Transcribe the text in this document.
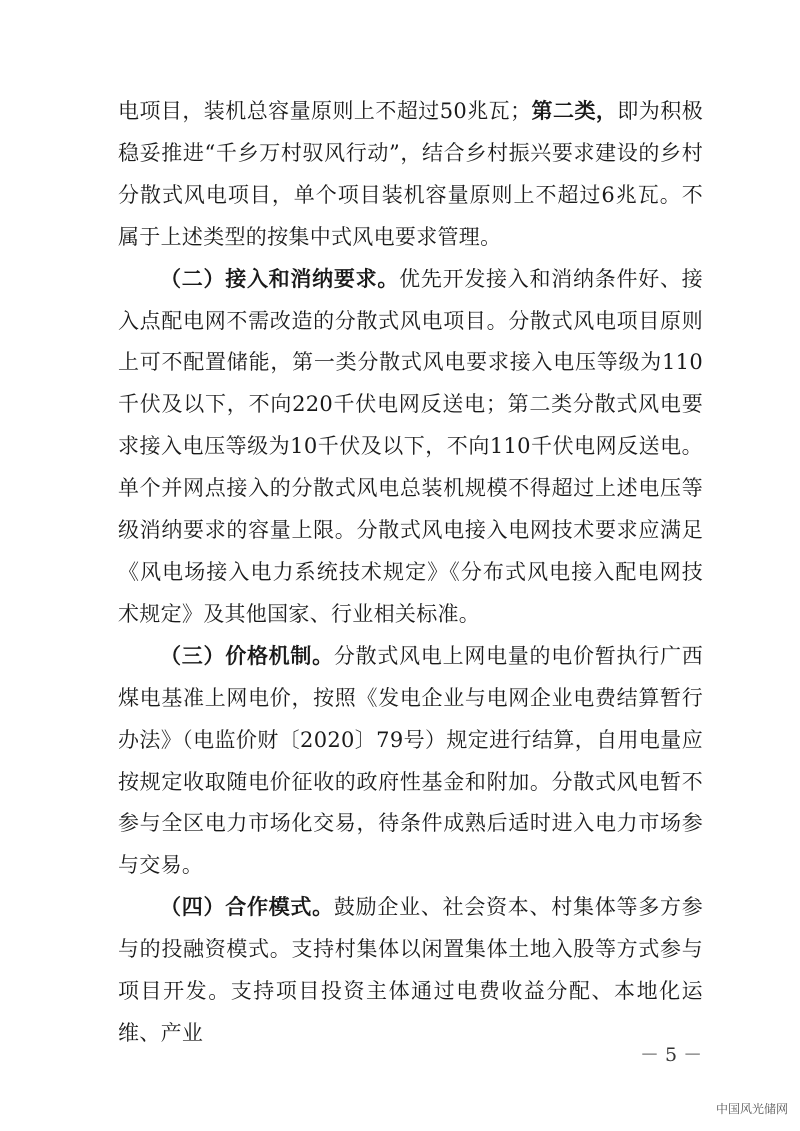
电项目，装机总容量原则上不超过50兆瓦；第二类，即为积极稳妥推进“千乡万村驭风行动”，结合乡村振兴要求建设的乡村分散式风电项目，单个项目装机容量原则上不超过6兆瓦。不属于上述类型的按集中式风电要求管理。

（二）接入和消纳要求。优先开发接入和消纳条件好、接入点配电网不需改造的分散式风电项目。分散式风电项目原则上可不配置储能，第一类分散式风电要求接入电压等级为110千伏及以下，不向220千伏电网反送电；第二类分散式风电要求接入电压等级为10千伏及以下，不向110千伏电网反送电。单个并网点接入的分散式风电总装机规模不得超过上述电压等级消纳要求的容量上限。分散式风电接入电网技术要求应满足《风电场接入电力系统技术规定》《分布式风电接入配电网技术规定》及其他国家、行业相关标准。

（三）价格机制。分散式风电上网电量的电价暂执行广西煤电基准上网电价，按照《发电企业与电网企业电费结算暂行办法》（电监价财〔2020〕79号）规定进行结算，自用电量应按规定收取随电价征收的政府性基金和附加。分散式风电暂不参与全区电力市场化交易，待条件成熟后适时进入电力市场参与交易。

（四）合作模式。鼓励企业、社会资本、村集体等多方参与的投融资模式。支持村集体以闲置集体土地入股等方式参与项目开发。支持项目投资主体通过电费收益分配、本地化运维、产业

－ 5 －
中国风光储网
